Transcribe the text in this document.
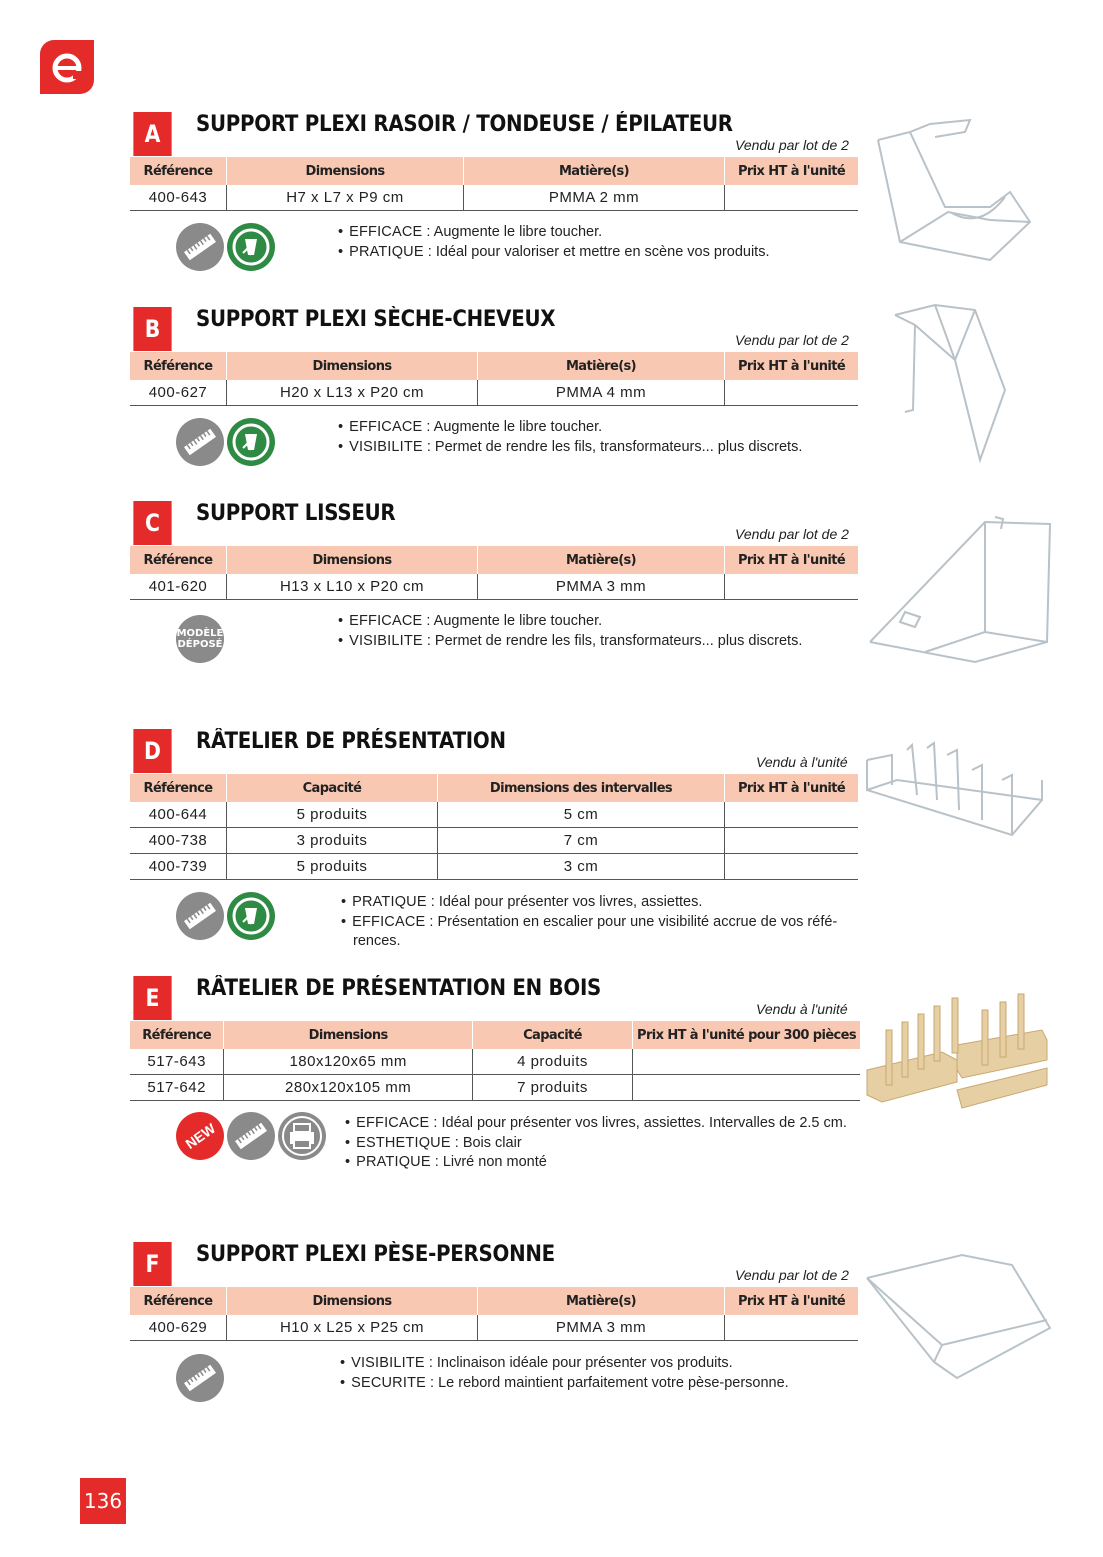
A	SUPPORT PLEXI RASOIR / TONDEUSE / ÉPILATEUR
Vendu par lot de 2
Référence	Dimensions	Matière(s)	Prix HT à l'unité
400-643	H7 x L7 x P9 cm	PMMA 2 mm	
• EFFICACE : Augmente le libre toucher.
• PRATIQUE : Idéal pour valoriser et mettre en scène vos produits.
B	SUPPORT PLEXI SÈCHE-CHEVEUX
Vendu par lot de 2
Référence	Dimensions	Matière(s)	Prix HT à l'unité
400-627	H20 x L13 x P20 cm	PMMA 4 mm	
• EFFICACE : Augmente le libre toucher.
• VISIBILITE : Permet de rendre les fils, transformateurs... plus discrets.
C	SUPPORT LISSEUR
Vendu par lot de 2
Référence	Dimensions	Matière(s)	Prix HT à l'unité
401-620	H13 x L10 x P20 cm	PMMA 3 mm	
MODÈLE
DÉPOSÉ
• EFFICACE : Augmente le libre toucher.
• VISIBILITE : Permet de rendre les fils, transformateurs... plus discrets.
D	RÂTELIER DE PRÉSENTATION
Vendu à l'unité
Référence	Capacité	Dimensions des intervalles	Prix HT à l'unité
400-644	5 produits	5 cm	
400-738	3 produits	7 cm	
400-739	5 produits	3 cm	
• PRATIQUE : Idéal pour présenter vos livres, assiettes.
• EFFICACE : Présentation en escalier pour une visibilité accrue de vos réfé-rences.
E	RÂTELIER DE PRÉSENTATION EN BOIS
Vendu à l'unité
Référence	Dimensions	Capacité	Prix HT à l'unité pour 300 pièces
517-643	180x120x65 mm	4 produits	
517-642	280x120x105 mm	7 produits	
NEW	• EFFICACE : Idéal pour présenter vos livres, assiettes. Intervalles de 2.5 cm.
• ESTHETIQUE : Bois clair
• PRATIQUE : Livré non monté
F	SUPPORT PLEXI PÈSE-PERSONNE
Vendu par lot de 2
Référence	Dimensions	Matière(s)	Prix HT à l'unité
400-629	H10 x L25 x P25 cm	PMMA 3 mm	
• VISIBILITE : Inclinaison idéale pour présenter vos produits.
• SECURITE : Le rebord maintient parfaitement votre pèse-personne.
136
